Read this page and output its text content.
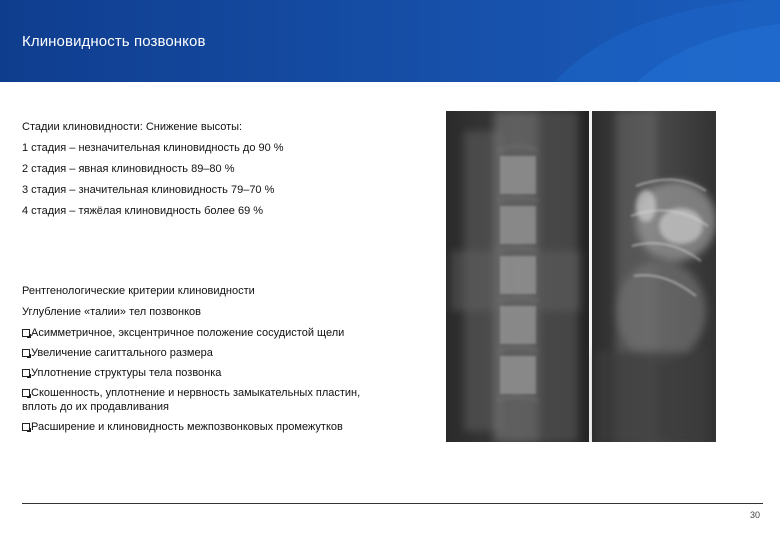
Клиновидность позвонков
Стадии клиновидности: Снижение высоты:
1 стадия – незначительная клиновидность до 90 %
2 стадия – явная клиновидность 89–80 %
3 стадия – значительная клиновидность 79–70 %
4 стадия – тяжёлая клиновидность более 69 %
Рентгенологические критерии клиновидности
Углубление «талии» тел позвонков
Асимметричное, эксцентричное положение сосудистой щели
Увеличение сагиттального размера
Уплотнение структуры тела позвонка
Скошенность, уплотнение и нервность замыкательных пластин,
вплоть до их продавливания
Расширение и клиновидность межпозвонковых промежутков
30
